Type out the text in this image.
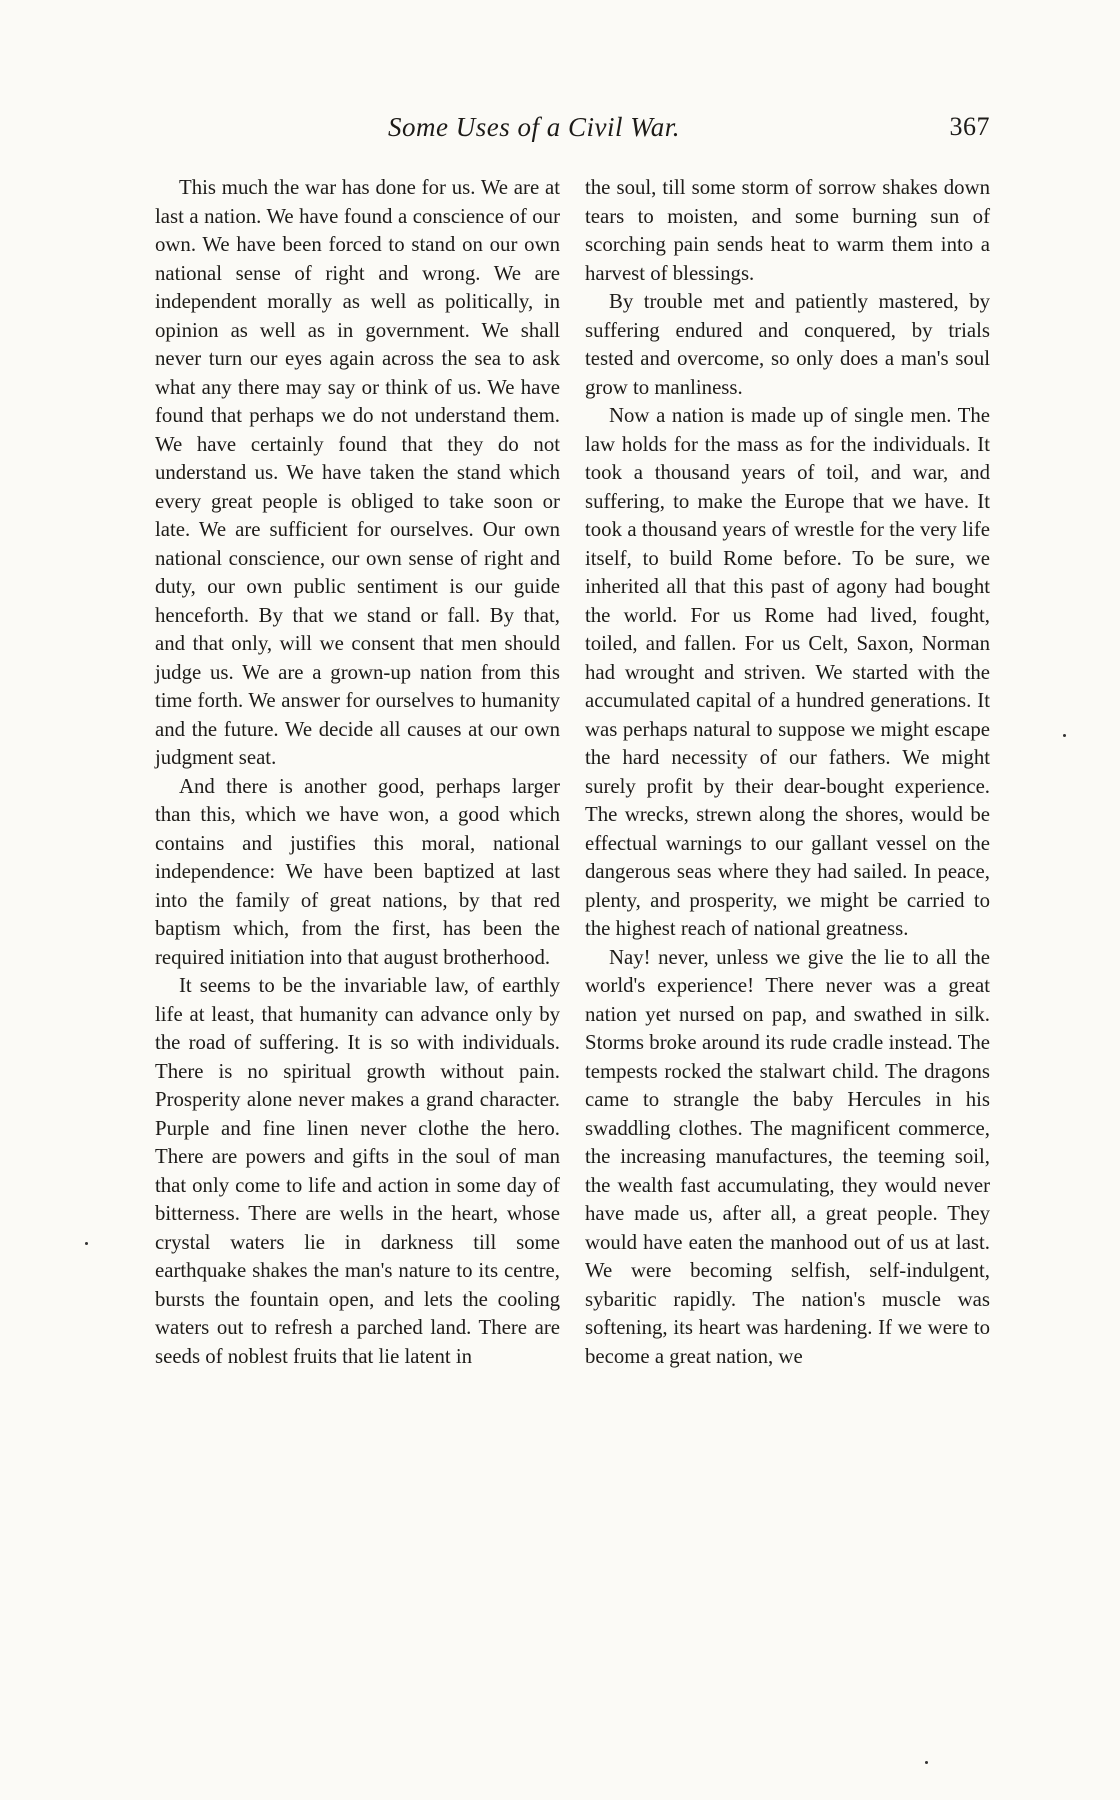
Some Uses of a Civil War.	367

This much the war has done for us. We are at last a nation. We have found a conscience of our own. We have been forced to stand on our own national sense of right and wrong. We are independent morally as well as politically, in opinion as well as in government. We shall never turn our eyes again across the sea to ask what any there may say or think of us. We have found that perhaps we do not understand them. We have certainly found that they do not understand us. We have taken the stand which every great people is obliged to take soon or late. We are sufficient for ourselves. Our own national conscience, our own sense of right and duty, our own public sentiment is our guide henceforth. By that we stand or fall. By that, and that only, will we consent that men should judge us. We are a grown-up nation from this time forth. We answer for ourselves to humanity and the future. We decide all causes at our own judgment seat.

And there is another good, perhaps larger than this, which we have won, a good which contains and justifies this moral, national independence: We have been baptized at last into the family of great nations, by that red baptism which, from the first, has been the required initiation into that august brotherhood.

It seems to be the invariable law, of earthly life at least, that humanity can advance only by the road of suffering. It is so with individuals. There is no spiritual growth without pain. Prosperity alone never makes a grand character. Purple and fine linen never clothe the hero. There are powers and gifts in the soul of man that only come to life and action in some day of bitterness. There are wells in the heart, whose crystal waters lie in darkness till some earthquake shakes the man's nature to its centre, bursts the fountain open, and lets the cooling waters out to refresh a parched land. There are seeds of noblest fruits that lie latent in

the soul, till some storm of sorrow shakes down tears to moisten, and some burning sun of scorching pain sends heat to warm them into a harvest of blessings.

By trouble met and patiently mastered, by suffering endured and conquered, by trials tested and overcome, so only does a man's soul grow to manliness.

Now a nation is made up of single men. The law holds for the mass as for the individuals. It took a thousand years of toil, and war, and suffering, to make the Europe that we have. It took a thousand years of wrestle for the very life itself, to build Rome before. To be sure, we inherited all that this past of agony had bought the world. For us Rome had lived, fought, toiled, and fallen. For us Celt, Saxon, Norman had wrought and striven. We started with the accumulated capital of a hundred generations. It was perhaps natural to suppose we might escape the hard necessity of our fathers. We might surely profit by their dear-bought experience. The wrecks, strewn along the shores, would be effectual warnings to our gallant vessel on the dangerous seas where they had sailed. In peace, plenty, and prosperity, we might be carried to the highest reach of national greatness.

Nay! never, unless we give the lie to all the world's experience! There never was a great nation yet nursed on pap, and swathed in silk. Storms broke around its rude cradle instead. The tempests rocked the stalwart child. The dragons came to strangle the baby Hercules in his swaddling clothes. The magnificent commerce, the increasing manufactures, the teeming soil, the wealth fast accumulating, they would never have made us, after all, a great people. They would have eaten the manhood out of us at last. We were becoming selfish, self-indulgent, sybaritic rapidly. The nation's muscle was softening, its heart was hardening. If we were to become a great nation, we
